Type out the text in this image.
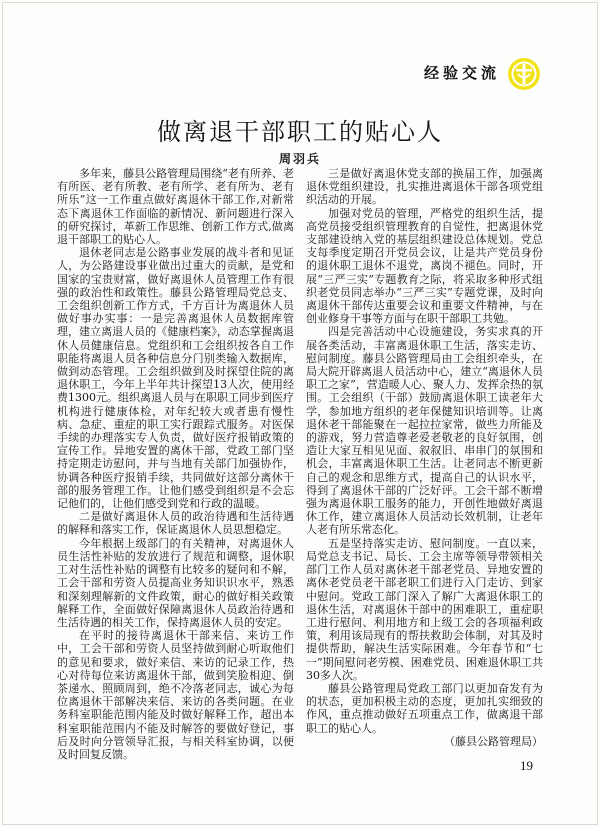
经验交流
做离退干部职工的贴心人
周羽兵

多年来，藤县公路管理局围绕“老有所养、老有所医、老有所教、老有所学、老有所为、老有所乐”这一工作重点做好离退休干部工作,对新常态下离退休工作面临的新情况、新问题进行深入的研究探讨，革新工作思维、创新工作方式,做离退干部职工的贴心人。

退休老同志是公路事业发展的战斗者和见证人，为公路建设事业做出过重大的贡献，是党和国家的宝贵财富，做好离退休人员管理工作有很强的政治性和政策性。藤县公路管理局党总支、工会组织创新工作方式，千方百计为离退休人员做好事办实事：一是完善离退休人员数据库管理，建立离退人员的《健康档案》，动态掌握离退休人员健康信息。党组织和工会组织按各自工作职能将离退人员各种信息分门别类输入数据库，做到动态管理。工会组织做到及时探望住院的离退休职工，今年上半年共计探望13人次，使用经费1300元。组织离退人员与在职职工同步到医疗机构进行健康体检，对年纪较大或者患有慢性病、急症、重症的职工实行跟踪式服务。对医保手续的办理落实专人负责，做好医疗报销政策的宣传工作。异地安置的离休干部，党政工部门坚持定期走访慰问，并与当地有关部门加强协作，协调各种医疗报销手续，共同做好这部分离休干部的服务管理工作。让他们感受到组织是不会忘记他们的，让他们感受到党和行政的温暖。

二是做好离退休人员的政治待遇和生活待遇的解释和落实工作，保证离退休人员思想稳定。

今年根据上级部门的有关精神，对离退休人员生活性补贴的发放进行了规范和调整，退休职工对生活性补贴的调整有比较多的疑问和不解，工会干部和劳资人员提高业务知识识水平，熟悉和深刻理解新的文件政策，耐心的做好相关政策解释工作，全面做好保障离退休人员政治待遇和生活待遇的相关工作，保持离退休人员的安定。

在平时的接待离退休干部来信、来访工作中，工会干部和劳资人员坚持做到耐心听取他们的意见和要求，做好来信、来访的记录工作，热心对待每位来访离退休干部，做到笑脸相迎、倒茶递水、照顾周到，绝不冷落老同志，诚心为每位离退休干部解决来信、来访的各类问题。在业务科室职能范围内能及时做好解释工作，超出本科室职能范围内不能及时解答的要做好登记，事后及时向分管领导汇报，与相关科室协调，以便及时回复反馈。

三是做好离退休党支部的换届工作，加强离退休党组织建设，扎实推进离退休干部各项党组织活动的开展。

加强对党员的管理，严格党的组织生活，提高党员接受组织管理教育的自觉性，把离退休党支部建设纳入党的基层组织建设总体规划。党总支每季度定期召开党员会议，让是共产党员身份的退休职工退休不退党，离岗不褪色。同时，开展“三严三实”专题教育之际，将采取多种形式组织老党员同志举办“三严三实”专题党课，及时向离退休干部传达重要会议和重要文件精神，与在创业修身干事等方面与在职干部职工共勉。

四是完善活动中心设施建设，务实求真的开展各类活动，丰富离退休职工生活，落实走访、慰问制度。藤县公路管理局由工会组织牵头，在局大院开辟离退人员活动中心，建立“离退休人员职工之家”，营造暖人心、聚人力、发挥余热的氛围。工会组织（干部）鼓励离退休职工读老年大学，参加地方组织的老年保健知识培训等。让离退休老干部能聚在一起拉拉家常，做些力所能及的游戏，努力营造尊老爱老敬老的良好氛围，创造让大家互相见见面、叙叙旧、串串门的氛围和机会，丰富离退休职工生活。让老同志不断更新自己的观念和思维方式，提高自己的认识水平，得到了离退休干部的广泛好评。工会干部不断增强为离退休职工服务的能力，开创性地做好离退休工作，建立离退休人员活动长效机制，让老年人老有所乐常态化。

五是坚持落实走访、慰问制度。一直以来，局党总支书记、局长、工会主席等领导带领相关部门工作人员对离休老干部老党员、异地安置的离休老党员老干部老职工们进行入门走访、到家中慰问。党政工部门深入了解广大离退休职工的退休生活，对离退休干部中的困难职工，重症职工进行慰问、利用地方和上级工会的各项福利政策，利用该局现有的帮扶救助会体制，对其及时提供帮助，解决生活实际困难。今年春节和“七一”期间慰问老劳模、困难党员、困难退休职工共30多人次。

藤县公路管理局党政工部门以更加奋发有为的状态，更加积极主动的态度，更加扎实细致的作风，重点推动做好五项重点工作，做离退干部职工的贴心人。

（藤县公路管理局）
19
